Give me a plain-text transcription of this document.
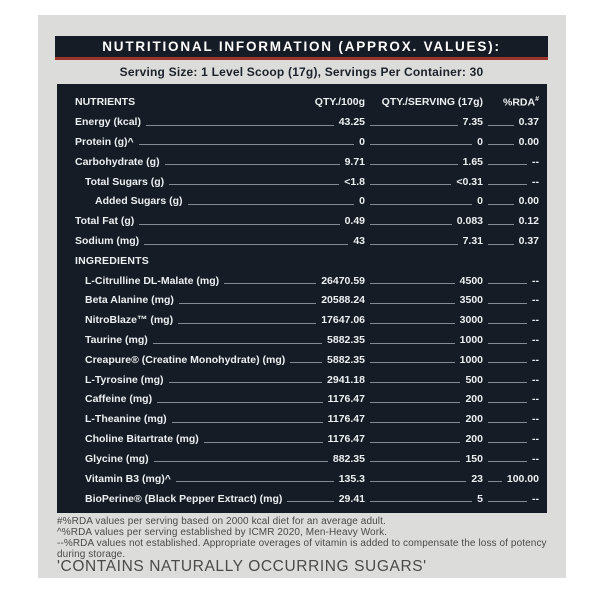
NUTRITIONAL INFORMATION (APPROX. VALUES):
Serving Size: 1 Level Scoop (17g), Servings Per Container: 30
NUTRIENTS	QTY./100g QTY./SERVING (17g) %RDA#
Energy (kcal)	43.25	7.35	0.37
Protein (g)^	0	0	0.00
Carbohydrate (g)	9.71	1.65	--
Total Sugars (g)	<1.8	<0.31	--
Added Sugars (g)	0	0	0.00
Total Fat (g)	0.49	0.083	0.12
Sodium (mg)	43	7.31	0.37
INGREDIENTS
L-Citrulline DL-Malate (mg)	26470.59	4500	--
Beta Alanine (mg)	20588.24	3500	--
NitroBlaze™ (mg)	17647.06	3000	--
Taurine (mg)	5882.35	1000	--
Creapure® (Creatine Monohydrate) (mg)	5882.35	1000	--
L-Tyrosine (mg)	2941.18	500	--
Caffeine (mg)	1176.47	200	--
L-Theanine (mg)	1176.47	200	--
Choline Bitartrate (mg)	1176.47	200	--
Glycine (mg)	882.35	150	--
Vitamin B3 (mg)^	135.3	23 100.00
BioPerine® (Black Pepper Extract) (mg)	29.41	5	--
#%RDA values per serving based on 2000 kcal diet for an average adult.
^%RDA values per serving established by ICMR 2020, Men-Heavy Work.
--%RDA values not established. Appropriate overages of vitamin is added to compensate the loss of potency during storage.
'CONTAINS NATURALLY OCCURRING SUGARS'
